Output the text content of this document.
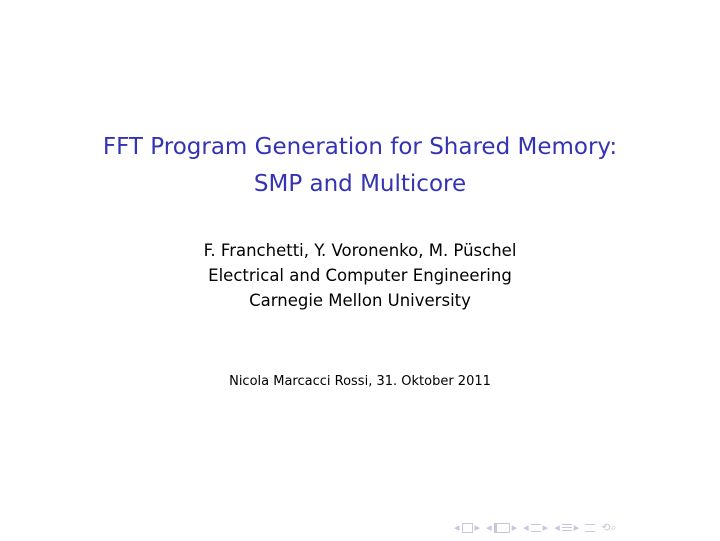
FFT Program Generation for Shared Memory:
SMP and Multicore
F. Franchetti, Y. Voronenko, M. Püschel
Electrical and Computer Engineering
Carnegie Mellon University
Nicola Marcacci Rossi, 31. Oktober 2011
◂ ▸ ◂ ▸ ◂ ▸ ◂ ▸ ⟲⌕
